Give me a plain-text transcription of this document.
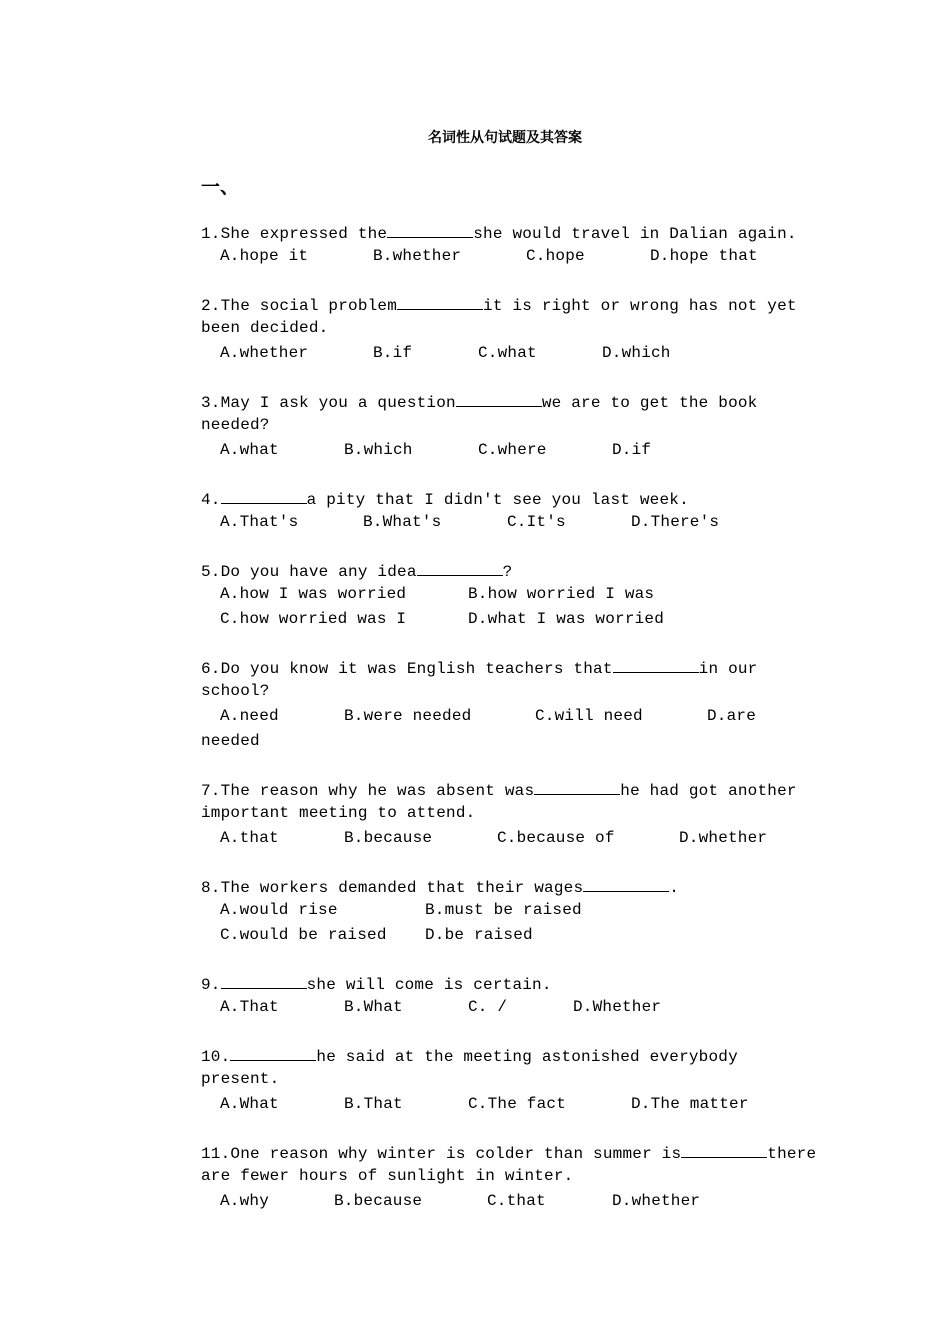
名词性从句试题及其答案
一、
1.She expressed the	she would travel in Dalian again.
A.hope it	B.whether	C.hope	D.hope that
2.The social problem	it is right or wrong has not yet
been decided.
A.whether	B.if	C.what	D.which
3.May I ask you a question	we are to get the book
needed?
A.what	B.which	C.where	D.if
4.	a pity that I didn't see you last week.
A.That's	B.What's	C.It's	D.There's
5.Do you have any idea	?
A.how I was worried	B.how worried I was
C.how worried was I	D.what I was worried
6.Do you know it was English teachers that	in our
school?
A.need	B.were needed	C.will need	D.are
needed
7.The reason why he was absent was	he had got another
important meeting to attend.
A.that	B.because	C.because of	D.whether
8.The workers demanded that their wages	.
A.would rise	B.must be raised
C.would be raised D.be raised
9.	she will come is certain.
A.That	B.What	C. /	D.Whether
10.	he said at the meeting astonished everybody
present.
A.What	B.That	C.The fact	D.The matter
11.One reason why winter is colder than summer is	there
are fewer hours of sunlight in winter.
A.why	B.because	C.that	D.whether
